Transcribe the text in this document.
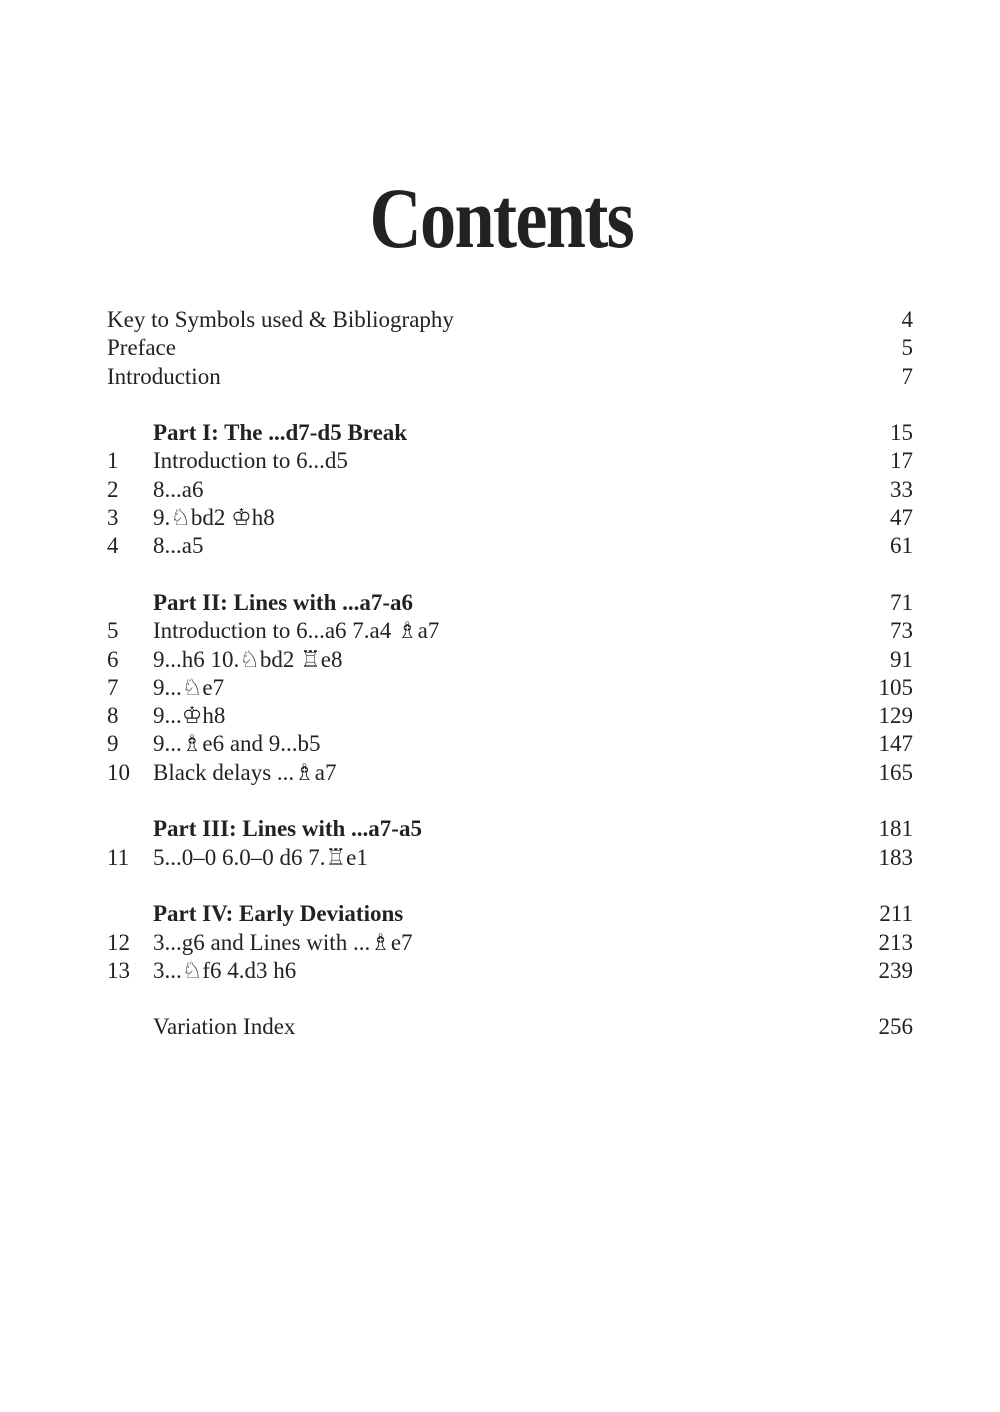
Contents
Key to Symbols used & Bibliography	4
Preface	5
Introduction	7
Part I: The ...d7-d5 Break	15
1 Introduction to 6...d5	17
2 8...a6	33
3 9.♘bd2 ♔h8	47
4 8...a5	61
Part II: Lines with ...a7-a6	71
5 Introduction to 6...a6 7.a4 ♗a7	73
6 9...h6 10.♘bd2 ♖e8	91
7 9...♘e7	105
8 9...♔h8	129
9 9...♗e6 and 9...b5	147
10 Black delays ...♗a7	165
Part III: Lines with ...a7-a5	181
11 5...0–0 6.0–0 d6 7.♖e1	183
Part IV: Early Deviations	211
12 3...g6 and Lines with ...♗e7	213
13 3...♘f6 4.d3 h6	239
Variation Index	256
